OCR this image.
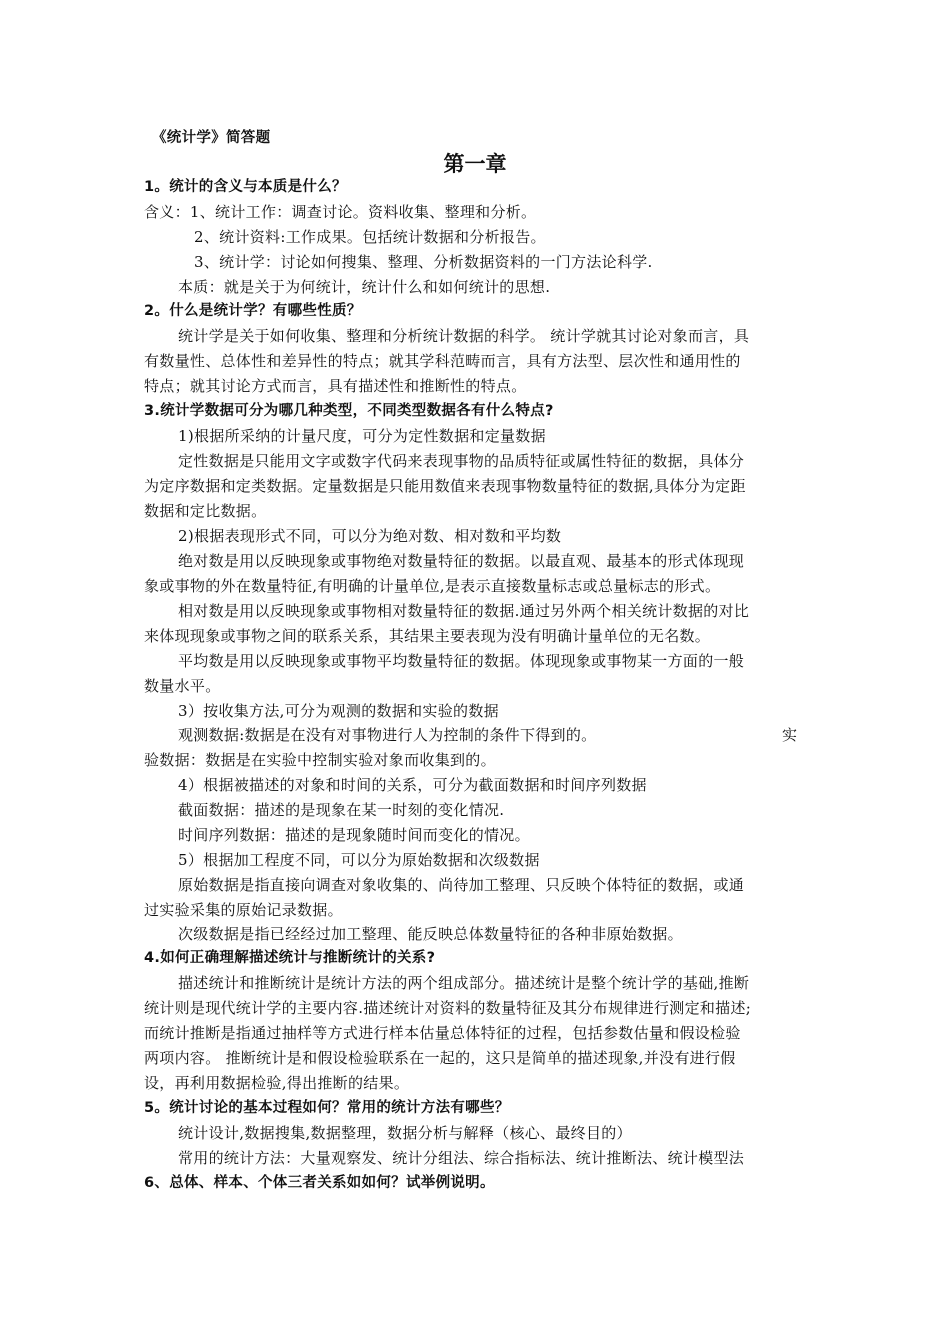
《统计学》简答题
第一章
1。统计的含义与本质是什么？
含义：1、统计工作：调查讨论。资料收集、整理和分析。
2、统计资料:工作成果。包括统计数据和分析报告。
3、统计学：讨论如何搜集、整理、分析数据资料的一门方法论科学.
本质：就是关于为何统计，统计什么和如何统计的思想.
2。什么是统计学？有哪些性质？
统计学是关于如何收集、整理和分析统计数据的科学。 统计学就其讨论对象而言，具
有数量性、总体性和差异性的特点；就其学科范畴而言，具有方法型、层次性和通用性的
特点；就其讨论方式而言，具有描述性和推断性的特点。
3.统计学数据可分为哪几种类型，不同类型数据各有什么特点?
1)根据所采纳的计量尺度，可分为定性数据和定量数据
定性数据是只能用文字或数字代码来表现事物的品质特征或属性特征的数据，具体分
为定序数据和定类数据。定量数据是只能用数值来表现事物数量特征的数据,具体分为定距
数据和定比数据。
2)根据表现形式不同，可以分为绝对数、相对数和平均数
绝对数是用以反映现象或事物绝对数量特征的数据。以最直观、最基本的形式体现现
象或事物的外在数量特征,有明确的计量单位,是表示直接数量标志或总量标志的形式。
相对数是用以反映现象或事物相对数量特征的数据.通过另外两个相关统计数据的对比
来体现现象或事物之间的联系关系，其结果主要表现为没有明确计量单位的无名数。
平均数是用以反映现象或事物平均数量特征的数据。体现现象或事物某一方面的一般
数量水平。
3）按收集方法,可分为观测的数据和实验的数据
观测数据:数据是在没有对事物进行人为控制的条件下得到的。	实
验数据：数据是在实验中控制实验对象而收集到的。
4）根据被描述的对象和时间的关系，可分为截面数据和时间序列数据
截面数据：描述的是现象在某一时刻的变化情况.
时间序列数据：描述的是现象随时间而变化的情况。
5）根据加工程度不同，可以分为原始数据和次级数据
原始数据是指直接向调查对象收集的、尚待加工整理、只反映个体特征的数据，或通
过实验采集的原始记录数据。
次级数据是指已经经过加工整理、能反映总体数量特征的各种非原始数据。
4.如何正确理解描述统计与推断统计的关系?
描述统计和推断统计是统计方法的两个组成部分。描述统计是整个统计学的基础,推断
统计则是现代统计学的主要内容.描述统计对资料的数量特征及其分布规律进行测定和描述;
而统计推断是指通过抽样等方式进行样本估量总体特征的过程，包括参数估量和假设检验
两项内容。 推断统计是和假设检验联系在一起的，这只是简单的描述现象,并没有进行假
设，再利用数据检验,得出推断的结果。
5。统计讨论的基本过程如何？常用的统计方法有哪些？
统计设计,数据搜集,数据整理，数据分析与解释（核心、最终目的）
常用的统计方法：大量观察发、统计分组法、综合指标法、统计推断法、统计模型法
6、总体、样本、个体三者关系如如何？试举例说明。
